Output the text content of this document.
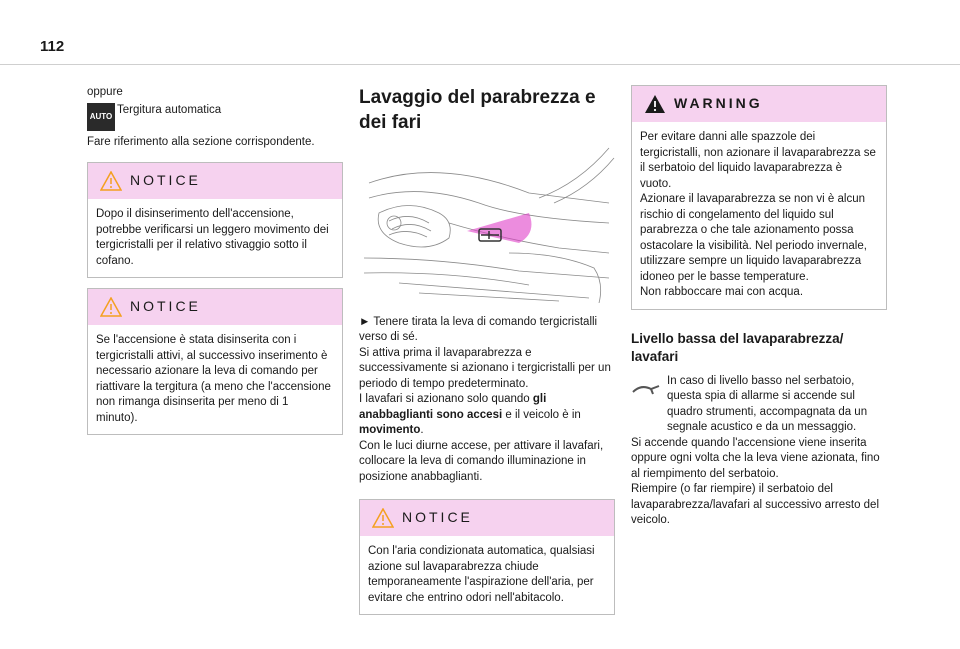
112

oppure

AUTO
Tergitura automatica

Fare riferimento alla sezione corrispondente.

NOTICE

Dopo il disinserimento dell'accensione, potrebbe verificarsi un leggero movimento dei tergicristalli per il relativo stivaggio sotto il cofano.

NOTICE

Se l'accensione è stata disinserita con i tergicristalli attivi, al successivo inserimento è necessario azionare la leva di comando per riattivare la tergitura (a meno che l'accensione non rimanga disinserita per meno di 1 minuto).

Lavaggio del parabrezza e dei fari

► Tenere tirata la leva di comando tergicristalli verso di sé.

Si attiva prima il lavaparabrezza e successivamente si azionano i tergicristalli per un periodo di tempo predeterminato.

I lavafari si azionano solo quando gli anabbaglianti sono accesi e il veicolo è in movimento.

Con le luci diurne accese, per attivare il lavafari, collocare la leva di comando illuminazione in posizione anabbaglianti.

NOTICE

Con l'aria condizionata automatica, qualsiasi azione sul lavaparabrezza chiude temporaneamente l'aspirazione dell'aria, per evitare che entrino odori nell'abitacolo.

WARNING

Per evitare danni alle spazzole dei tergicristalli, non azionare il lavaparabrezza se il serbatoio del liquido lavaparabrezza è vuoto.

Azionare il lavaparabrezza se non vi è alcun rischio di congelamento del liquido sul parabrezza o che tale azionamento possa ostacolare la visibilità. Nel periodo invernale, utilizzare sempre un liquido lavaparabrezza idoneo per le basse temperature.

Non rabboccare mai con acqua.

Livello bassa del lavaparabrezza/ lavafari

In caso di livello basso nel serbatoio, questa spia di allarme si accende sul quadro strumenti, accompagnata da un segnale acustico e da un messaggio.

Si accende quando l'accensione viene inserita oppure ogni volta che la leva viene azionata, fino al riempimento del serbatoio.

Riempire (o far riempire) il serbatoio del lavaparabrezza/lavafari al successivo arresto del veicolo.
